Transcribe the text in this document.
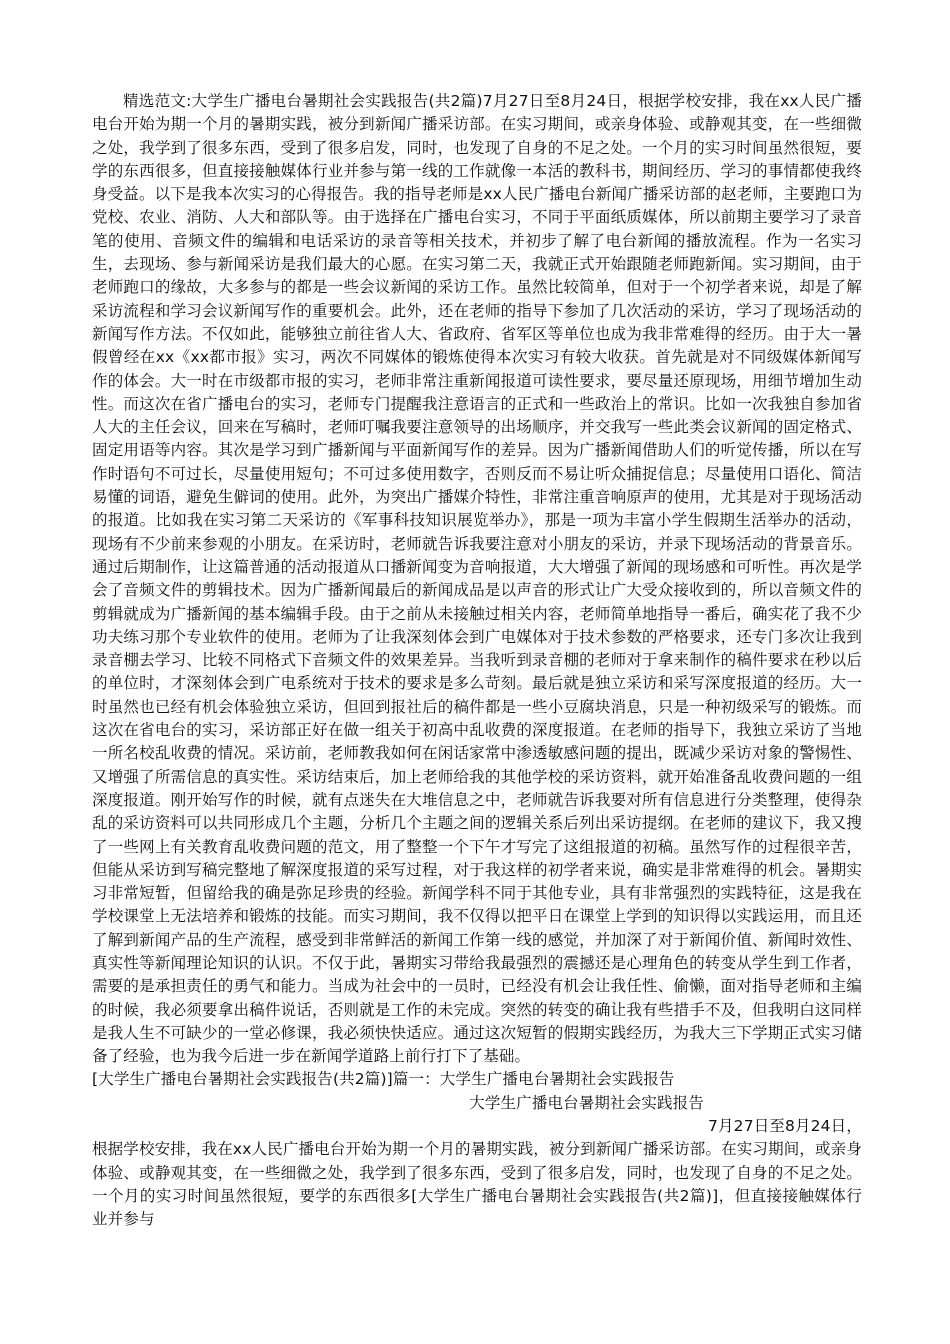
精选范文:大学生广播电台暑期社会实践报告(共2篇)7月27日至8月24日，根据学校安排，我在xx人民广播电台开始为期一个月的暑期实践，被分到新闻广播采访部。在实习期间，或亲身体验、或静观其变，在一些细微之处，我学到了很多东西，受到了很多启发，同时，也发现了自身的不足之处。一个月的实习时间虽然很短，要学的东西很多，但直接接触媒体行业并参与第一线的工作就像一本活的教科书，期间经历、学习的事情都使我终身受益。以下是我本次实习的心得报告。我的指导老师是xx人民广播电台新闻广播采访部的赵老师，主要跑口为党校、农业、消防、人大和部队等。由于选择在广播电台实习，不同于平面纸质媒体，所以前期主要学习了录音笔的使用、音频文件的编辑和电话采访的录音等相关技术，并初步了解了电台新闻的播放流程。作为一名实习生，去现场、参与新闻采访是我们最大的心愿。在实习第二天，我就正式开始跟随老师跑新闻。实习期间，由于老师跑口的缘故，大多参与的都是一些会议新闻的采访工作。虽然比较简单，但对于一个初学者来说，却是了解采访流程和学习会议新闻写作的重要机会。此外，还在老师的指导下参加了几次活动的采访，学习了现场活动的新闻写作方法。不仅如此，能够独立前往省人大、省政府、省军区等单位也成为我非常难得的经历。由于大一暑假曾经在xx《xx都市报》实习，两次不同媒体的锻炼使得本次实习有较大收获。首先就是对不同级媒体新闻写作的体会。大一时在市级都市报的实习，老师非常注重新闻报道可读性要求，要尽量还原现场，用细节增加生动性。而这次在省广播电台的实习，老师专门提醒我注意语言的正式和一些政治上的常识。比如一次我独自参加省人大的主任会议，回来在写稿时，老师叮嘱我要注意领导的出场顺序，并交我写一些此类会议新闻的固定格式、固定用语等内容。其次是学习到广播新闻与平面新闻写作的差异。因为广播新闻借助人们的听觉传播，所以在写作时语句不可过长，尽量使用短句；不可过多使用数字，否则反而不易让听众捕捉信息；尽量使用口语化、简洁易懂的词语，避免生僻词的使用。此外，为突出广播媒介特性，非常注重音响原声的使用，尤其是对于现场活动的报道。比如我在实习第二天采访的《军事科技知识展览举办》，那是一项为丰富小学生假期生活举办的活动，现场有不少前来参观的小朋友。在采访时，老师就告诉我要注意对小朋友的采访，并录下现场活动的背景音乐。通过后期制作，让这篇普通的活动报道从口播新闻变为音响报道，大大增强了新闻的现场感和可听性。再次是学会了音频文件的剪辑技术。因为广播新闻最后的新闻成品是以声音的形式让广大受众接收到的，所以音频文件的剪辑就成为广播新闻的基本编辑手段。由于之前从未接触过相关内容，老师简单地指导一番后，确实花了我不少功夫练习那个专业软件的使用。老师为了让我深刻体会到广电媒体对于技术参数的严格要求，还专门多次让我到录音棚去学习、比较不同格式下音频文件的效果差异。当我听到录音棚的老师对于拿来制作的稿件要求在秒以后的单位时，才深刻体会到广电系统对于技术的要求是多么苛刻。最后就是独立采访和采写深度报道的经历。大一时虽然也已经有机会体验独立采访，但回到报社后的稿件都是一些小豆腐块消息，只是一种初级采写的锻炼。而这次在省电台的实习，采访部正好在做一组关于初高中乱收费的深度报道。在老师的指导下，我独立采访了当地一所名校乱收费的情况。采访前，老师教我如何在闲话家常中渗透敏感问题的提出，既减少采访对象的警惕性、又增强了所需信息的真实性。采访结束后，加上老师给我的其他学校的采访资料，就开始准备乱收费问题的一组深度报道。刚开始写作的时候，就有点迷失在大堆信息之中，老师就告诉我要对所有信息进行分类整理，使得杂乱的采访资料可以共同形成几个主题，分析几个主题之间的逻辑关系后列出采访提纲。在老师的建议下，我又搜了一些网上有关教育乱收费问题的范文，用了整整一个下午才写完了这组报道的初稿。虽然写作的过程很辛苦，但能从采访到写稿完整地了解深度报道的采写过程，对于我这样的初学者来说，确实是非常难得的机会。暑期实习非常短暂，但留给我的确是弥足珍贵的经验。新闻学科不同于其他专业，具有非常强烈的实践特征，这是我在学校课堂上无法培养和锻炼的技能。而实习期间，我不仅得以把平日在课堂上学到的知识得以实践运用，而且还了解到新闻产品的生产流程，感受到非常鲜活的新闻工作第一线的感觉，并加深了对于新闻价值、新闻时效性、真实性等新闻理论知识的认识。不仅于此，暑期实习带给我最强烈的震撼还是心理角色的转变从学生到工作者，需要的是承担责任的勇气和能力。当成为社会中的一员时，已经没有机会让我任性、偷懒，面对指导老师和主编的时候，我必须要拿出稿件说话，否则就是工作的未完成。突然的转变的确让我有些措手不及，但我明白这同样是我人生不可缺少的一堂必修课，我必须快快适应。通过这次短暂的假期实践经历，为我大三下学期正式实习储备了经验，也为我今后进一步在新闻学道路上前行打下了基础。

[大学生广播电台暑期社会实践报告(共2篇)]篇一：大学生广播电台暑期社会实践报告

大学生广播电台暑期社会实践报告

7月27日至8月24日，

根据学校安排，我在xx人民广播电台开始为期一个月的暑期实践，被分到新闻广播采访部。在实习期间，或亲身体验、或静观其变，在一些细微之处，我学到了很多东西，受到了很多启发，同时，也发现了自身的不足之处。一个月的实习时间虽然很短，要学的东西很多[大学生广播电台暑期社会实践报告(共2篇)]，但直接接触媒体行业并参与
